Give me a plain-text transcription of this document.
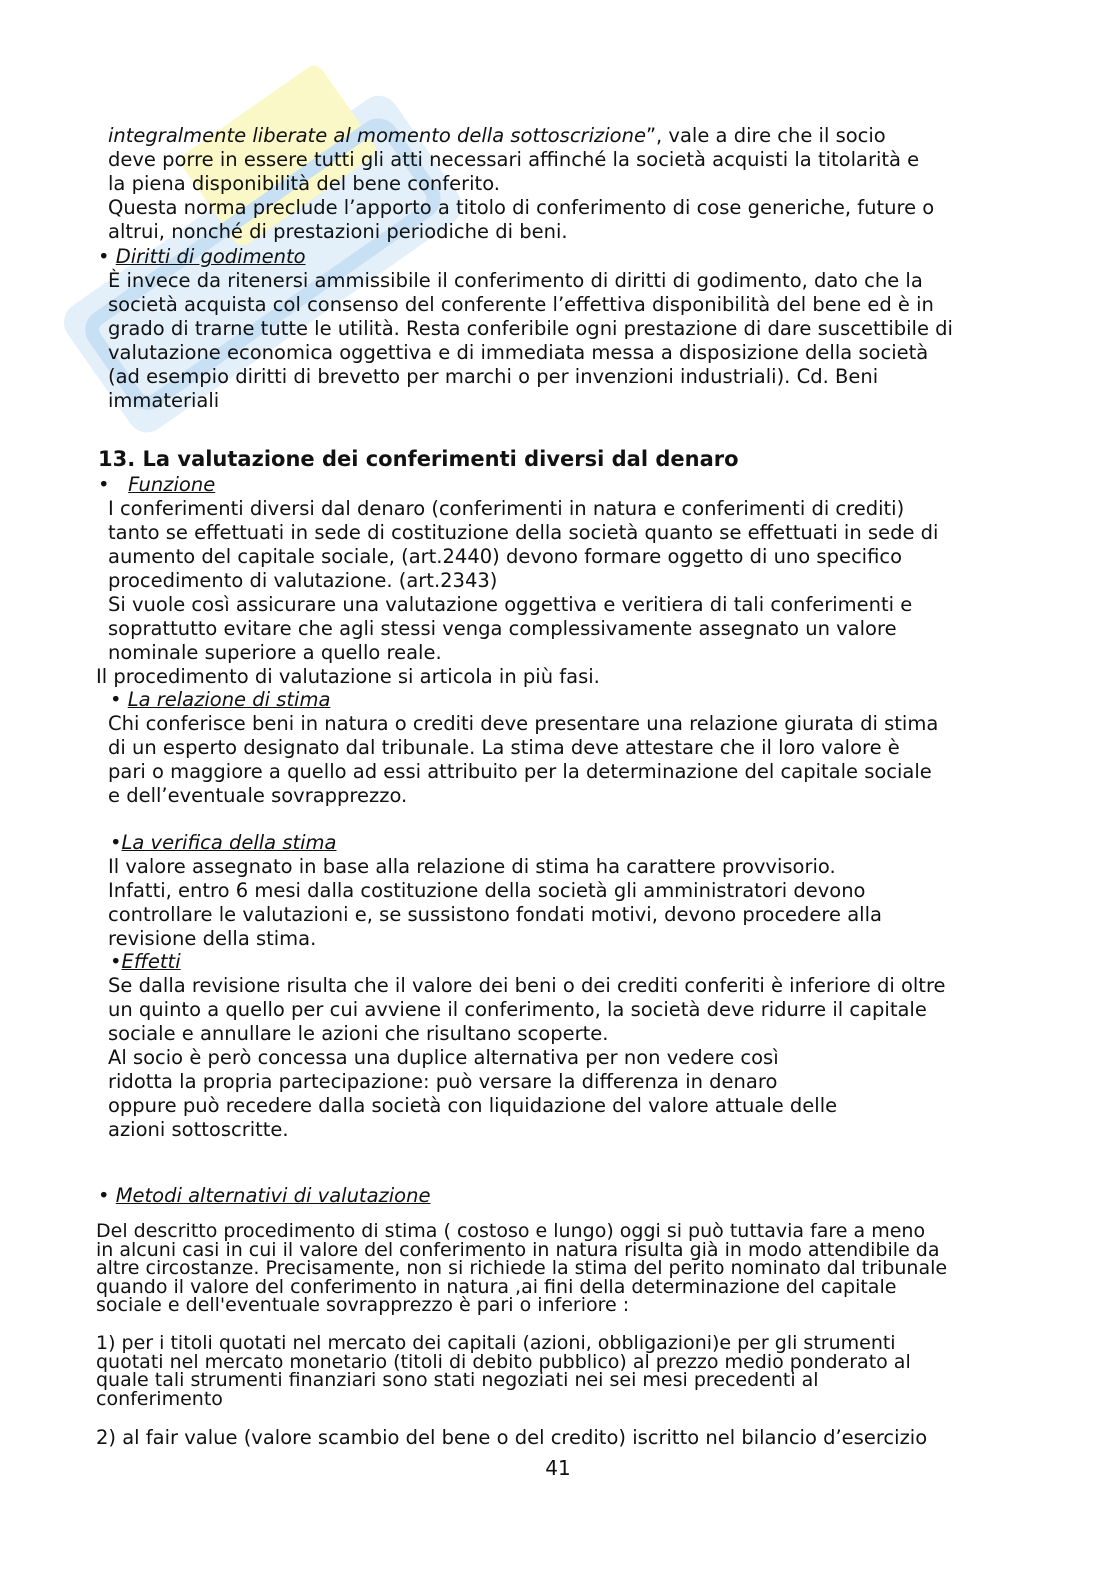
integralmente liberate al momento della sottoscrizione”, vale a dire che il socio
deve porre in essere tutti gli atti necessari affinché la società acquisti la titolarità e
la piena disponibilità del bene conferito.
Questa norma preclude l’apporto a titolo di conferimento di cose generiche, future o
altrui, nonché di prestazioni periodiche di beni.
• Diritti di godimento
È invece da ritenersi ammissibile il conferimento di diritti di godimento, dato che la
società acquista col consenso del conferente l’effettiva disponibilità del bene ed è in
grado di trarne tutte le utilità. Resta conferibile ogni prestazione di dare suscettibile di
valutazione economica oggettiva e di immediata messa a disposizione della società
(ad esempio diritti di brevetto per marchi o per invenzioni industriali). Cd. Beni
immateriali
13. La valutazione dei conferimenti diversi dal denaro
• Funzione
I conferimenti diversi dal denaro (conferimenti in natura e conferimenti di crediti)
tanto se effettuati in sede di costituzione della società quanto se effettuati in sede di
aumento del capitale sociale, (art.2440) devono formare oggetto di uno specifico
procedimento di valutazione. (art.2343)
Si vuole così assicurare una valutazione oggettiva e veritiera di tali conferimenti e
soprattutto evitare che agli stessi venga complessivamente assegnato un valore
nominale superiore a quello reale.
Il procedimento di valutazione si articola in più fasi.
• La relazione di stima
Chi conferisce beni in natura o crediti deve presentare una relazione giurata di stima
di un esperto designato dal tribunale. La stima deve attestare che il loro valore è
pari o maggiore a quello ad essi attribuito per la determinazione del capitale sociale
e dell’eventuale sovrapprezzo.
•La verifica della stima
Il valore assegnato in base alla relazione di stima ha carattere provvisorio.
Infatti, entro 6 mesi dalla costituzione della società gli amministratori devono
controllare le valutazioni e, se sussistono fondati motivi, devono procedere alla
revisione della stima.
•Effetti
Se dalla revisione risulta che il valore dei beni o dei crediti conferiti è inferiore di oltre
un quinto a quello per cui avviene il conferimento, la società deve ridurre il capitale
sociale e annullare le azioni che risultano scoperte.
Al socio è però concessa una duplice alternativa per non vedere così
ridotta la propria partecipazione: può versare la differenza in denaro
oppure può recedere dalla società con liquidazione del valore attuale delle
azioni sottoscritte.
• Metodi alternativi di valutazione
Del descritto procedimento di stima ( costoso e lungo) oggi si può tuttavia fare a meno
in alcuni casi in cui il valore del conferimento in natura risulta già in modo attendibile da
altre circostanze. Precisamente, non si richiede la stima del perito nominato dal tribunale
quando il valore del conferimento in natura ,ai fini della determinazione del capitale
sociale e dell'eventuale sovrapprezzo è pari o inferiore :
1) per i titoli quotati nel mercato dei capitali (azioni, obbligazioni)e per gli strumenti
quotati nel mercato monetario (titoli di debito pubblico) al prezzo medio ponderato al
quale tali strumenti finanziari sono stati negoziati nei sei mesi precedenti al
conferimento
2) al fair value (valore scambio del bene o del credito) iscritto nel bilancio d’esercizio
41
